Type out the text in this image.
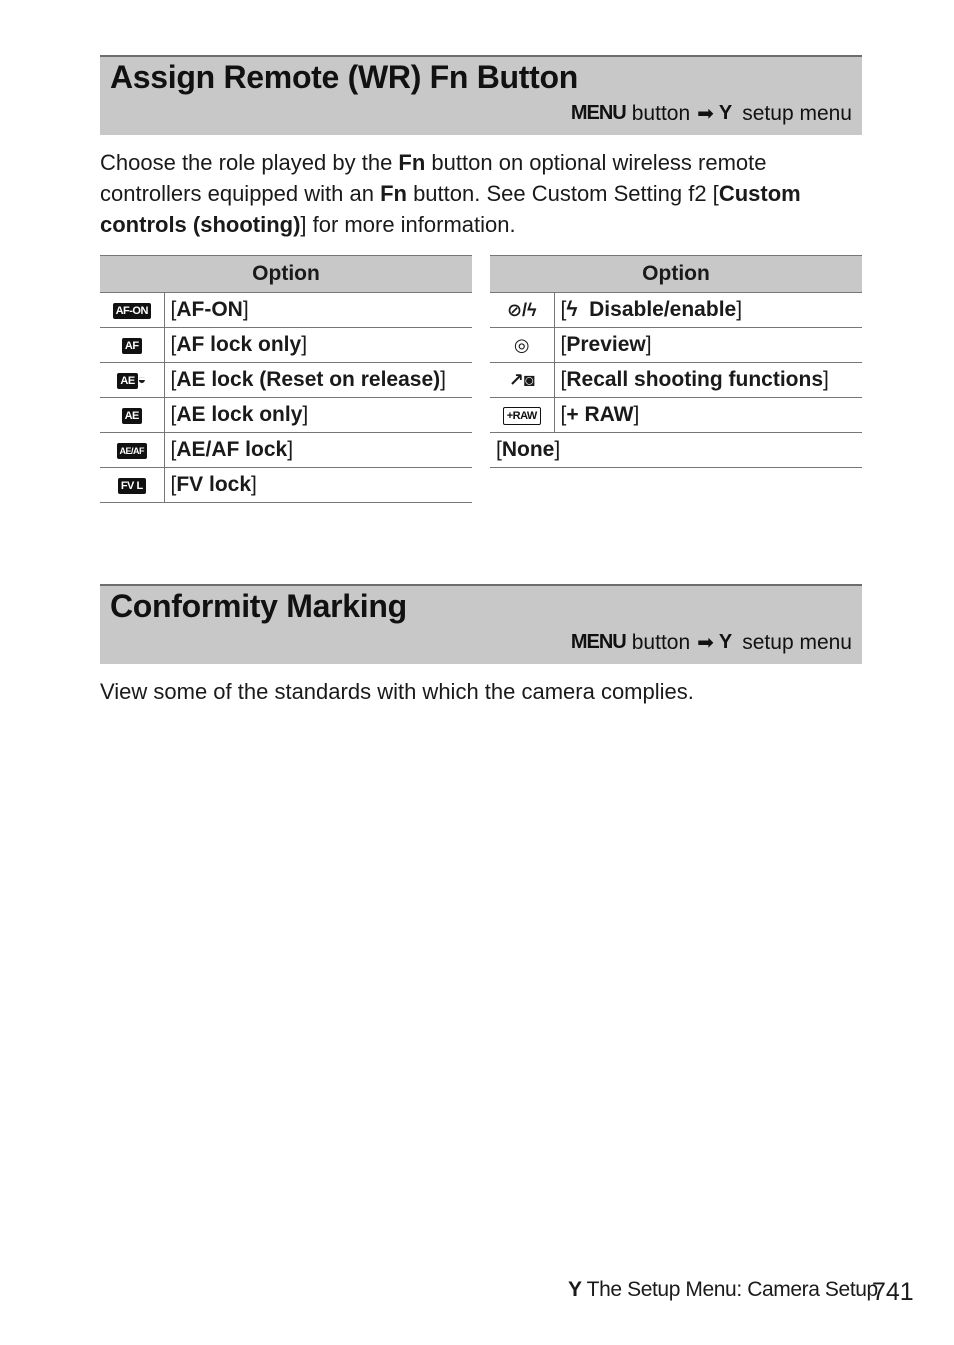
Assign Remote (WR) Fn Button
MENU button ➡ Y setup menu
Choose the role played by the Fn button on optional wireless remote controllers equipped with an Fn button. See Custom Setting f2 [Custom controls (shooting)] for more information.
Option	
AF-ON	[AF-ON]
AF	[AF lock only]
AE ◒	[AE lock (Reset on release)]
AE	[AE lock only]
AE/AF	[AE/AF lock]
FV L	[FV lock]
Option	
⊘/ϟ	[ϟ Disable/enable]
◎	[Preview]
↗◙	[Recall shooting functions]
+RAW	[+ RAW]
[None]	
Conformity Marking
MENU button ➡ Y setup menu
View some of the standards with which the camera complies.
Y The Setup Menu: Camera Setup
741
